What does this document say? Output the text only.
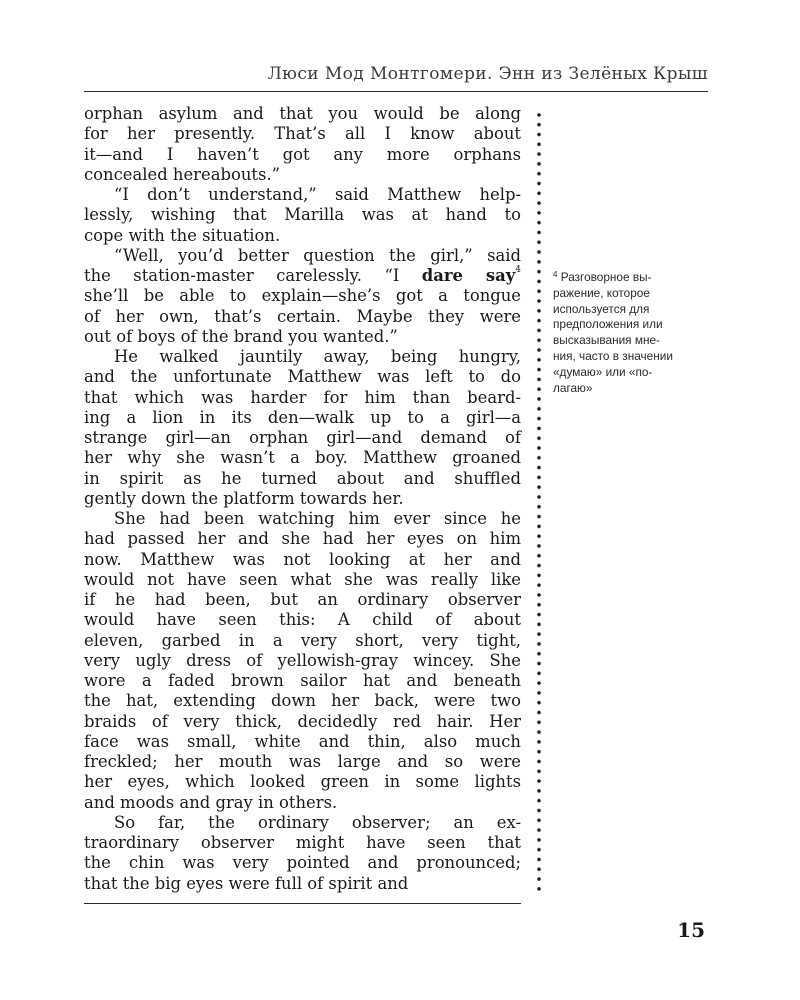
Люси Мод Монтгомери. Энн из Зелёных Крыш
orphan asylum and that you would be along
for her presently. That’s all I know about
it—and I haven’t got any more orphans
concealed hereabouts.”
“I don’t understand,” said Matthew help-
lessly, wishing that Marilla was at hand to
cope with the situation.
“Well, you’d better question the girl,” said
the station-master carelessly. “I dare say$^4$
she’ll be able to explain—she’s got a tongue
of her own, that’s certain. Maybe they were
out of boys of the brand you wanted.”
He walked jauntily away, being hungry,
and the unfortunate Matthew was left to do
that which was harder for him than beard-
ing a lion in its den—walk up to a girl—a
strange girl—an orphan girl—and demand of
her why she wasn’t a boy. Matthew groaned
in spirit as he turned about and shuffled
gently down the platform towards her.
She had been watching him ever since he
had passed her and she had her eyes on him
now. Matthew was not looking at her and
would not have seen what she was really like
if he had been, but an ordinary observer
would have seen this: A child of about
eleven, garbed in a very short, very tight,
very ugly dress of yellowish-gray wincey. She
wore a faded brown sailor hat and beneath
the hat, extending down her back, were two
braids of very thick, decidedly red hair. Her
face was small, white and thin, also much
freckled; her mouth was large and so were
her eyes, which looked green in some lights
and moods and gray in others.
So far, the ordinary observer; an ex-
traordinary observer might have seen that
the chin was very pointed and pronounced;
that the big eyes were full of spirit and
$^4$ Разговорное вы-
ражение, которое
используется для
предположения или
высказывания мне-
ния, часто в значении
«думаю» или «по-
лагаю»
15
